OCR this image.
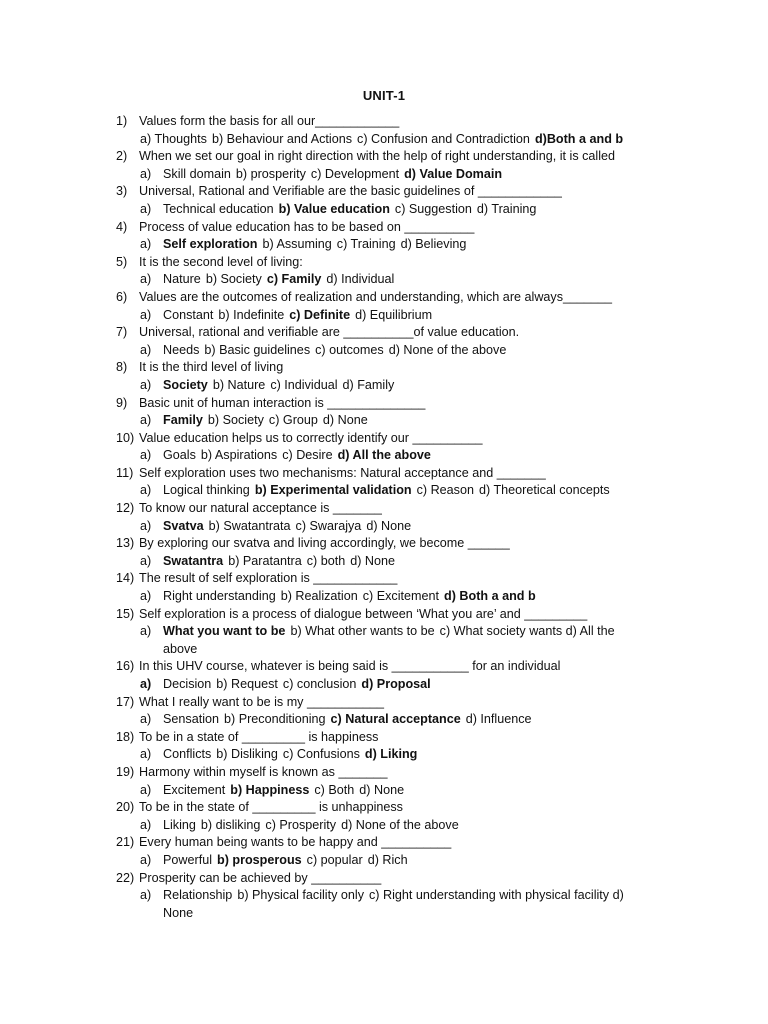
UNIT-1
1) Values form the basis for all our____________
a) Thoughts b) Behaviour and Actions c) Confusion and Contradiction d)Both a and b
2) When we set our goal in right direction with the help of right understanding, it is called
a) Skill domain b) prosperity c) Development d) Value Domain
3) Universal, Rational and Verifiable are the basic guidelines of ____________
a) Technical education b) Value education c) Suggestion d) Training
4) Process of value education has to be based on __________
a) Self exploration b) Assuming c) Training d) Believing
5) It is the second level of living:
a) Nature b) Society c) Family d) Individual
6) Values are the outcomes of realization and understanding, which are always_______
a) Constant b) Indefinite c) Definite d) Equilibrium
7) Universal, rational and verifiable are __________of value education.
a) Needs b) Basic guidelines c) outcomes d) None of the above
8) It is the third level of living
a) Society b) Nature c) Individual d) Family
9) Basic unit of human interaction is ______________
a) Family b) Society c) Group d) None
10) Value education helps us to correctly identify our __________
a) Goals b) Aspirations c) Desire d) All the above
11) Self exploration uses two mechanisms: Natural acceptance and _______
a) Logical thinking b) Experimental validation c) Reason d) Theoretical concepts
12) To know our natural acceptance is _______
a) Svatva b) Swatantrata c) Swarajya d) None
13) By exploring our svatva and living accordingly, we become ______
a) Swatantra b) Paratantra c) both d) None
14) The result of self exploration is ____________
a) Right understanding b) Realization c) Excitement d) Both a and b
15) Self exploration is a process of dialogue between ‘What you are’ and _________
a) What you want to be b) What other wants to be c) What society wants d) All the
above
16) In this UHV course, whatever is being said is ___________ for an individual
a) Decision b) Request c) conclusion d) Proposal
17) What I really want to be is my ___________
a) Sensation b) Preconditioning c) Natural acceptance d) Influence
18) To be in a state of _________ is happiness
a) Conflicts b) Disliking c) Confusions d) Liking
19) Harmony within myself is known as _______
a) Excitement b) Happiness c) Both d) None
20) To be in the state of _________ is unhappiness
a) Liking b) disliking c) Prosperity d) None of the above
21) Every human being wants to be happy and __________
a) Powerful b) prosperous c) popular d) Rich
22) Prosperity can be achieved by __________
a) Relationship b) Physical facility only c) Right understanding with physical facility d)
None
